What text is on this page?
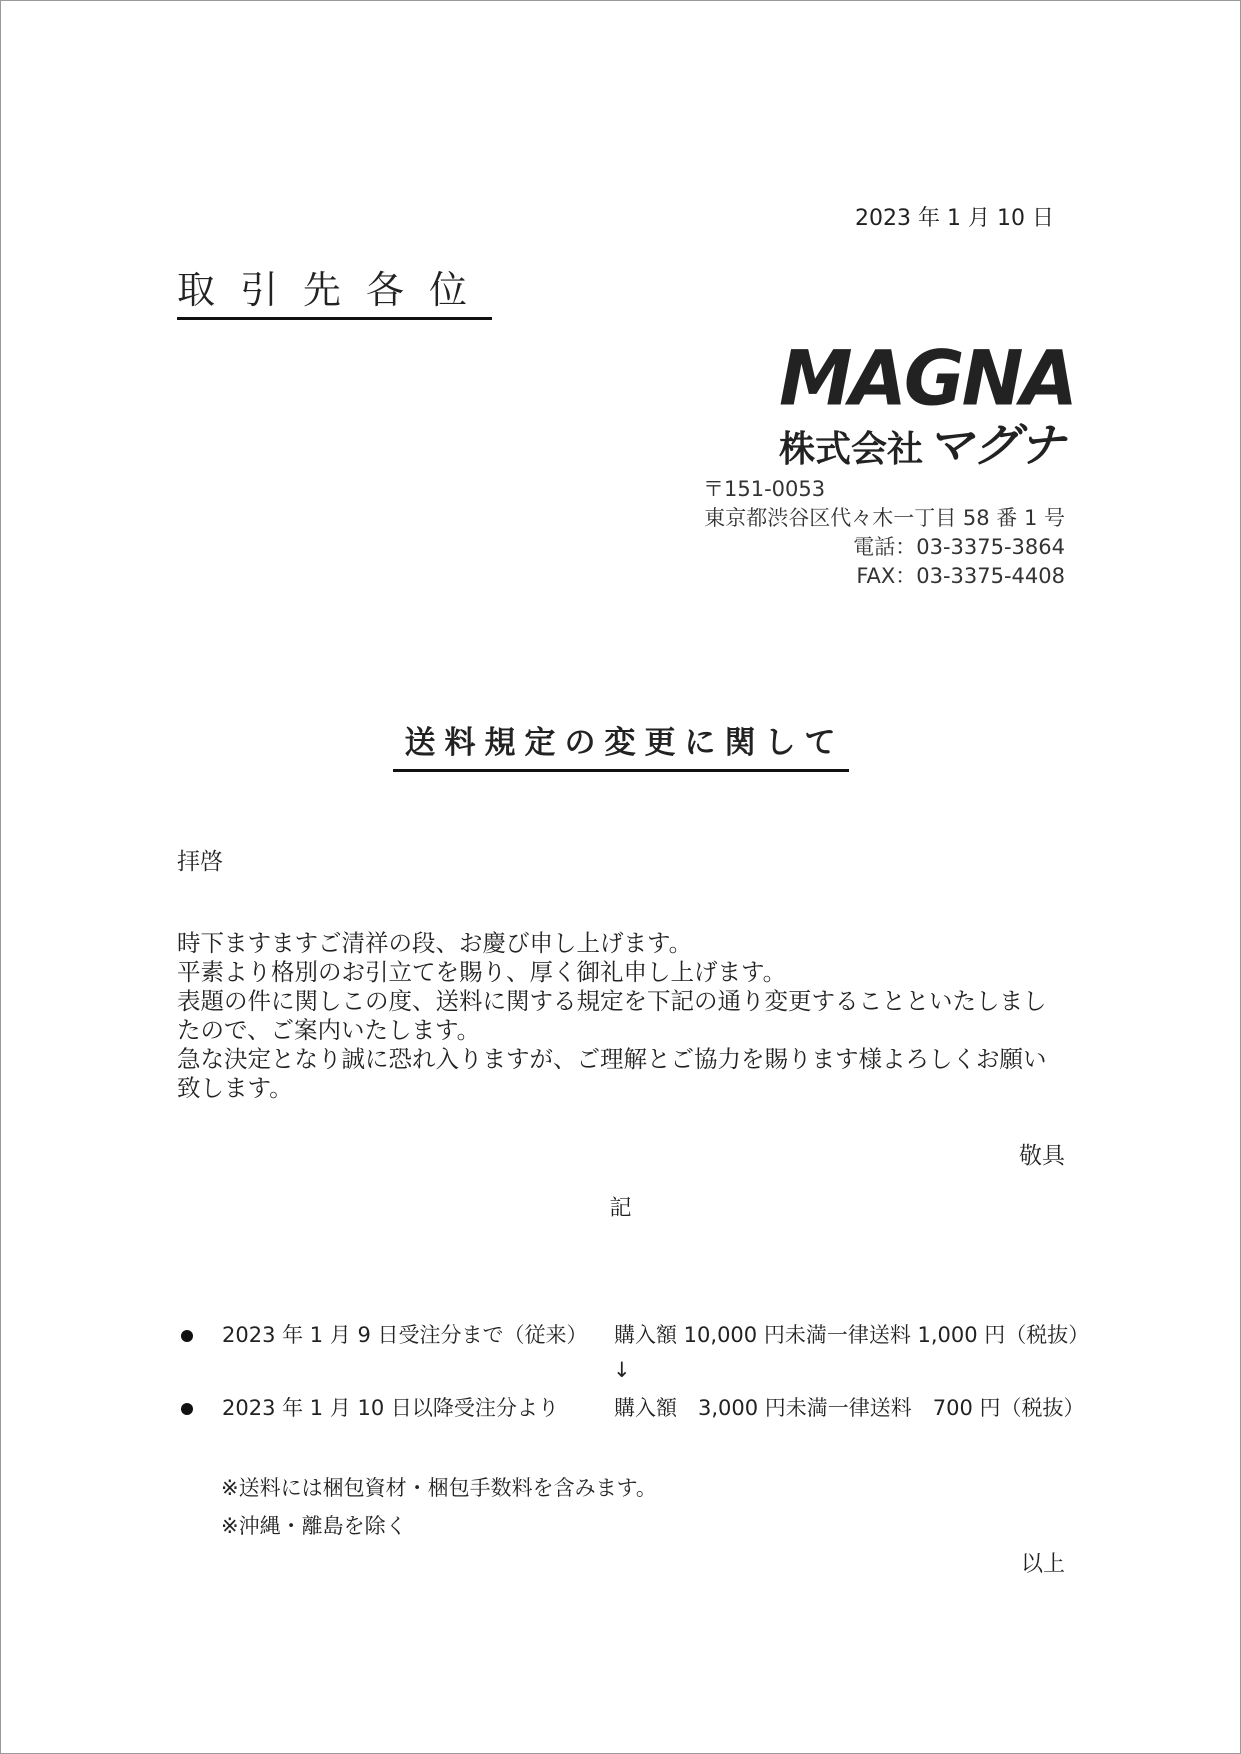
2023 年 1 月 10 日
取引先各位
MAGNA
株式会社マグナ
〒151-0053
東京都渋谷区代々木一丁目 58 番 1 号
電話：03-3375-3864
FAX：03-3375-4408
送料規定の変更に関して
拝啓

時下ますますご清祥の段、お慶び申し上げます。

平素より格別のお引立てを賜り、厚く御礼申し上げます。

表題の件に関しこの度、送料に関する規定を下記の通り変更することといたしましたので、ご案内いたします。

急な決定となり誠に恐れ入りますが、ご理解とご協力を賜ります様よろしくお願い致します。

敬具
記
2023 年 1 月 9 日受注分まで（従来） 購入額 10,000 円未満一律送料 1,000 円（税抜）
↓
2023 年 1 月 10 日以降受注分より	購入額　3,000 円未満一律送料　700 円（税抜）
※送料には梱包資材・梱包手数料を含みます。
※沖縄・離島を除く
以上
